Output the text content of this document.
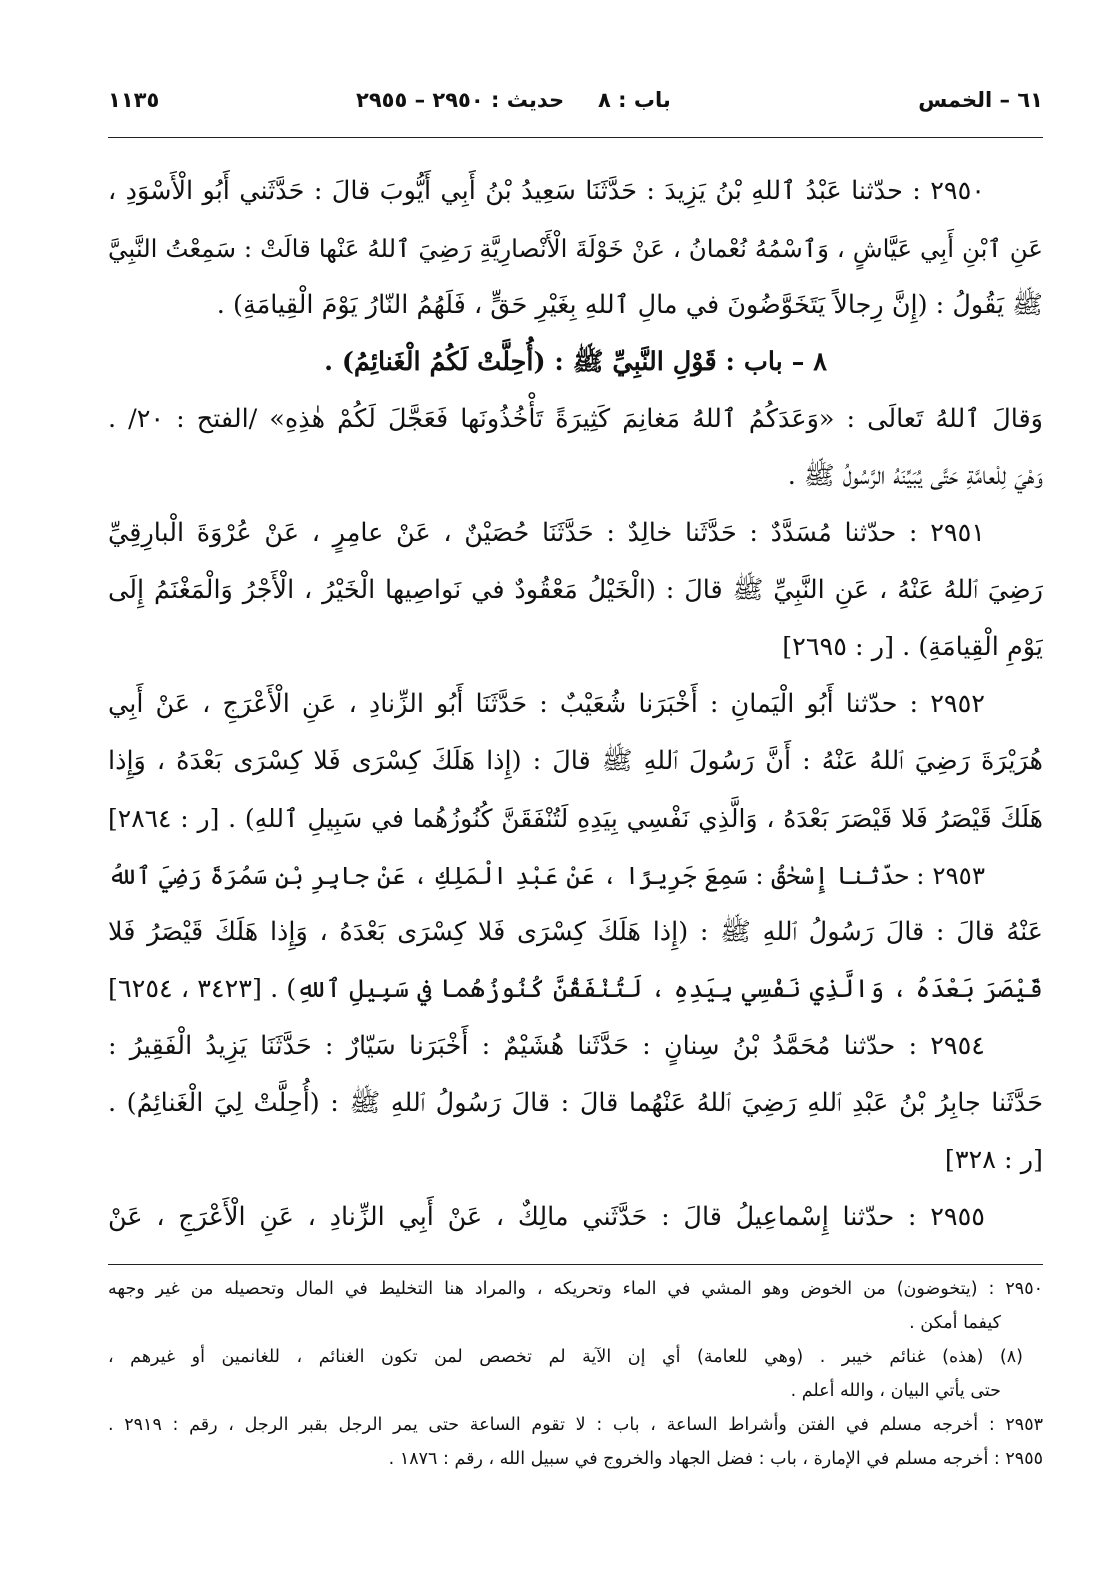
٦١ – الخمس
باب : ٨
حديث : ٢٩٥٠ – ٢٩٥٥
١١٣٥
٢٩٥٠ : حدّثنا عَبْدُ ٱللهِ بْنُ يَزِيدَ : حَدَّثَنَا سَعِيدُ بْنُ أَبِي أَيُّوبَ قالَ : حَدَّثَني أَبُو الْأَسْوَدِ ،
عَنِ ٱبْنِ أَبِي عَيَّاشٍ ، وَٱسْمُهُ نُعْمانُ ، عَنْ خَوْلَةَ الْأَنْصارِيَّةِ رَضِيَ ٱللهُ عَنْها قالَتْ : سَمِعْتُ النَّبِيَّ
ﷺ يَقُولُ : (إِنَّ رِجالاً يَتَخَوَّضُونَ في مالِ ٱللهِ بِغَيْرِ حَقٍّ ، فَلَهُمُ النّارُ يَوْمَ الْقِيامَةِ) .
٨ – باب : قَوْلِ النَّبِيِّ ﷺ : (أُحِلَّتْ لَكُمُ الْغَنائِمُ) .
وَقالَ ٱللهُ تَعالَى : «وَعَدَكُمُ ٱللهُ مَغانِمَ كَثِيرَةً تَأْخُذُونَها فَعَجَّلَ لَكُمْ هٰذِهِ» /الفتح : ٢٠/ .
وَهْيَ لِلْعامَّةِ حَتَّى يُبَيِّنَهُ الرَّسُولُ ﷺ .
٢٩٥١ : حدّثنا مُسَدَّدٌ : حَدَّثَنا خالِدٌ : حَدَّثَنَا حُصَيْنٌ ، عَنْ عامِرٍ ، عَنْ عُرْوَةَ الْبارِقِيِّ
رَضِيَ ٱللهُ عَنْهُ ، عَنِ النَّبِيِّ ﷺ قالَ : (الْخَيْلُ مَعْقُودٌ في نَواصِيها الْخَيْرُ ، الْأَجْرُ وَالْمَغْنَمُ إِلَى
يَوْمِ الْقِيامَةِ) . [ر : ٢٦٩٥]
٢٩٥٢ : حدّثنا أَبُو الْيَمانِ : أَخْبَرَنا شُعَيْبٌ : حَدَّثَنَا أَبُو الزِّنادِ ، عَنِ الْأَعْرَجِ ، عَنْ أَبِي
هُرَيْرَةَ رَضِيَ ٱللهُ عَنْهُ : أَنَّ رَسُولَ ٱللهِ ﷺ قالَ : (إِذا هَلَكَ كِسْرَى فَلا كِسْرَى بَعْدَهُ ، وَإِذا
هَلَكَ قَيْصَرُ فَلا قَيْصَرَ بَعْدَهُ ، وَالَّذِي نَفْسِي بِيَدِهِ لَتُنْفَقَنَّ كُنُوزُهُما في سَبِيلِ ٱللهِ) . [ر : ٢٨٦٤]
٢٩٥٣ : حدّثنا إِسْحٰقُ : سَمِعَ جَرِيرًا ، عَنْ عَبْدِ الْمَلِكِ ، عَنْ جابِرِ بْنِ سَمُرَةَ رَضِيَ ٱللهُ
عَنْهُ قالَ : قالَ رَسُولُ ٱللهِ ﷺ : (إِذا هَلَكَ كِسْرَى فَلا كِسْرَى بَعْدَهُ ، وَإِذا هَلَكَ قَيْصَرُ فَلا
قَيْصَرَ بَعْدَهُ ، وَالَّذِي نَفْسِي بِيَدِهِ ، لَتُنْفَقُنَّ كُنُوزُهُما في سَبِيلِ ٱللهِ) . [٣٤٢٣ ، ٦٢٥٤]
٢٩٥٤ : حدّثنا مُحَمَّدُ بْنُ سِنانٍ : حَدَّثَنا هُشَيْمٌ : أَخْبَرَنا سَيّارٌ : حَدَّثَنَا يَزِيدُ الْفَقِيرُ :
حَدَّثَنا جابِرُ بْنُ عَبْدِ ٱللهِ رَضِيَ ٱللهُ عَنْهُما قالَ : قالَ رَسُولُ ٱللهِ ﷺ : (أُحِلَّتْ لِيَ الْغَنائِمُ) .
[ر : ٣٢٨]
٢٩٥٥ : حدّثنا إِسْماعِيلُ قالَ : حَدَّثَني مالِكٌ ، عَنْ أَبِي الزِّنادِ ، عَنِ الْأَعْرَجِ ، عَنْ
٢٩٥٠ : (يتخوضون) من الخوض وهو المشي في الماء وتحريكه ، والمراد هنا التخليط في المال وتحصيله من غير وجهه
كيفما أمكن .
(٨) (هذه) غنائم خيبر . (وهي للعامة) أي إن الآية لم تخصص لمن تكون الغنائم ، للغانمين أو غيرهم ،
حتى يأتي البيان ، والله أعلم .
٢٩٥٣ : أخرجه مسلم في الفتن وأشراط الساعة ، باب : لا تقوم الساعة حتى يمر الرجل بقبر الرجل ، رقم : ٢٩١٩ .
٢٩٥٥ : أخرجه مسلم في الإمارة ، باب : فضل الجهاد والخروج في سبيل الله ، رقم : ١٨٧٦ .
